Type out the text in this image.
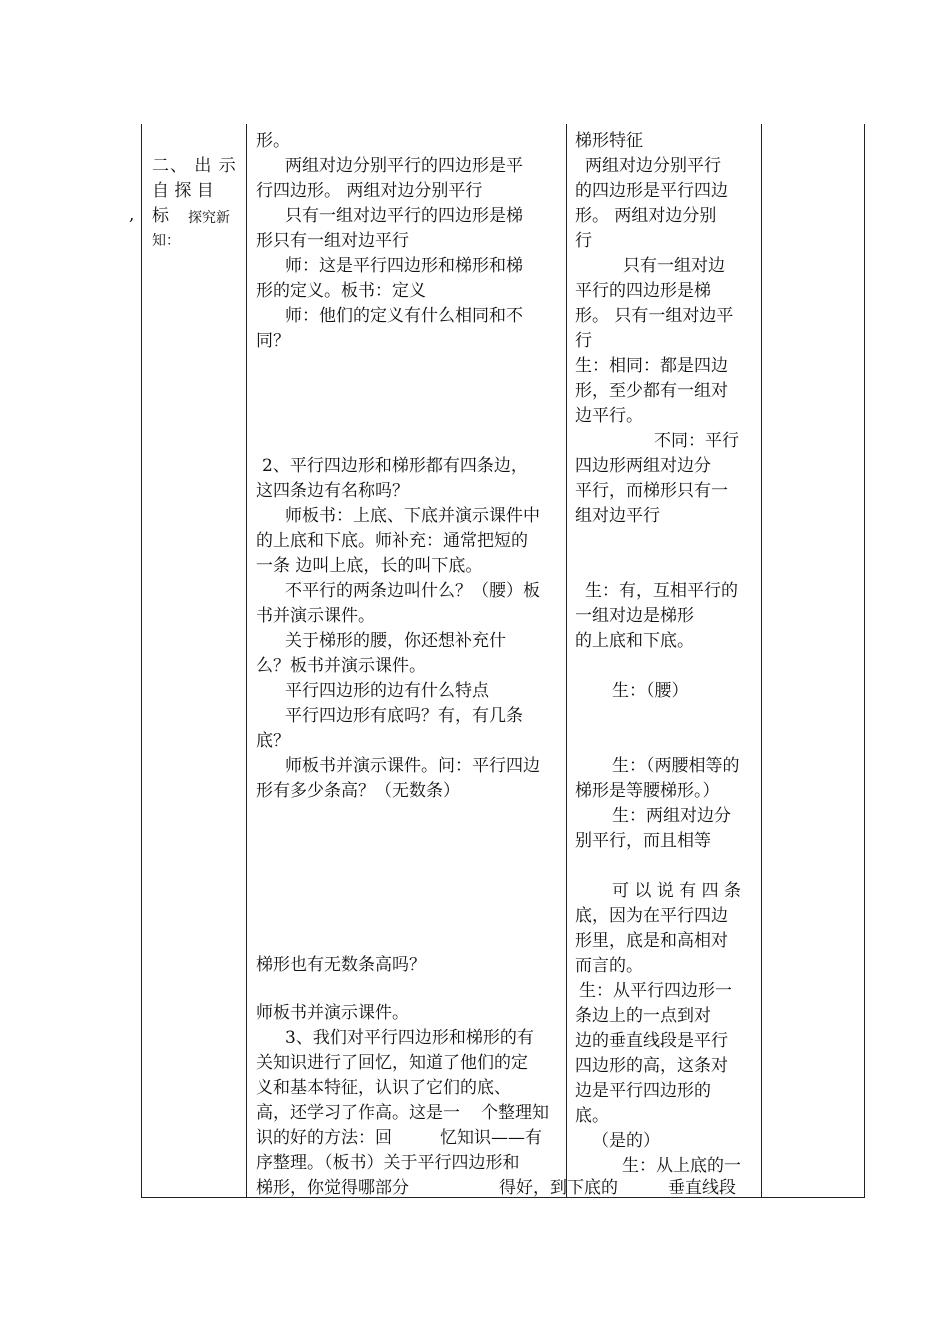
,
二、 出 示
自 探 目
标 探究新
知：
形。
两组对边分别平行的四边形是平
行四边形。 两组对边分别平行
只有一组对边平行的四边形是梯
形只有一组对边平行
师：这是平行四边形和梯形和梯
形的定义。板书：定义
师：他们的定义有什么相同和不
同？
2、平行四边形和梯形都有四条边，
这四条边有名称吗？
师板书：上底、下底并演示课件中
的上底和下底。师补充：通常把短的
一条 边叫上底，长的叫下底。
不平行的两条边叫什么？（腰）板
书并演示课件。
关于梯形的腰，你还想补充什
么？板书并演示课件。
平行四边形的边有什么特点
平行四边形有底吗？有，有几条
底？
师板书并演示课件。问：平行四边
形有多少条高？（无数条）
梯形也有无数条高吗？
师板书并演示课件。
3、我们对平行四边形和梯形的有
关知识进行了回忆，知道了他们的定
义和基本特征，认识了它们的底、
高，还学习了作高。这是一 个整理知
识的好的方法：回	忆知识——有
序整理。（板书）关于平行四边形和
梯形，你觉得哪部分	得好，到下底的
梯形特征
两组对边分别平行
的四边形是平行四边
形。 两组对边分别
行
只有一组对边
平行的四边形是梯
形。 只有一组对边平
行
生：相同：都是四边
形，至少都有一组对
边平行。
不同：平行
四边形两组对边分
平行，而梯形只有一
组对边平行
生：有，互相平行的
一组对边是梯形
的上底和下底。
生：（腰）
生：（两腰相等的
梯形是等腰梯形。）
生：两组对边分
别平行，而且相等
可 以 说 有 四 条
底，因为在平行四边
形里，底是和高相对
而言的。
生：从平行四边形一
条边上的一点到对
边的垂直线段是平行
四边形的高，这条对
边是平行四边形的
底。
（是的）
生：从上底的一
垂直线段
